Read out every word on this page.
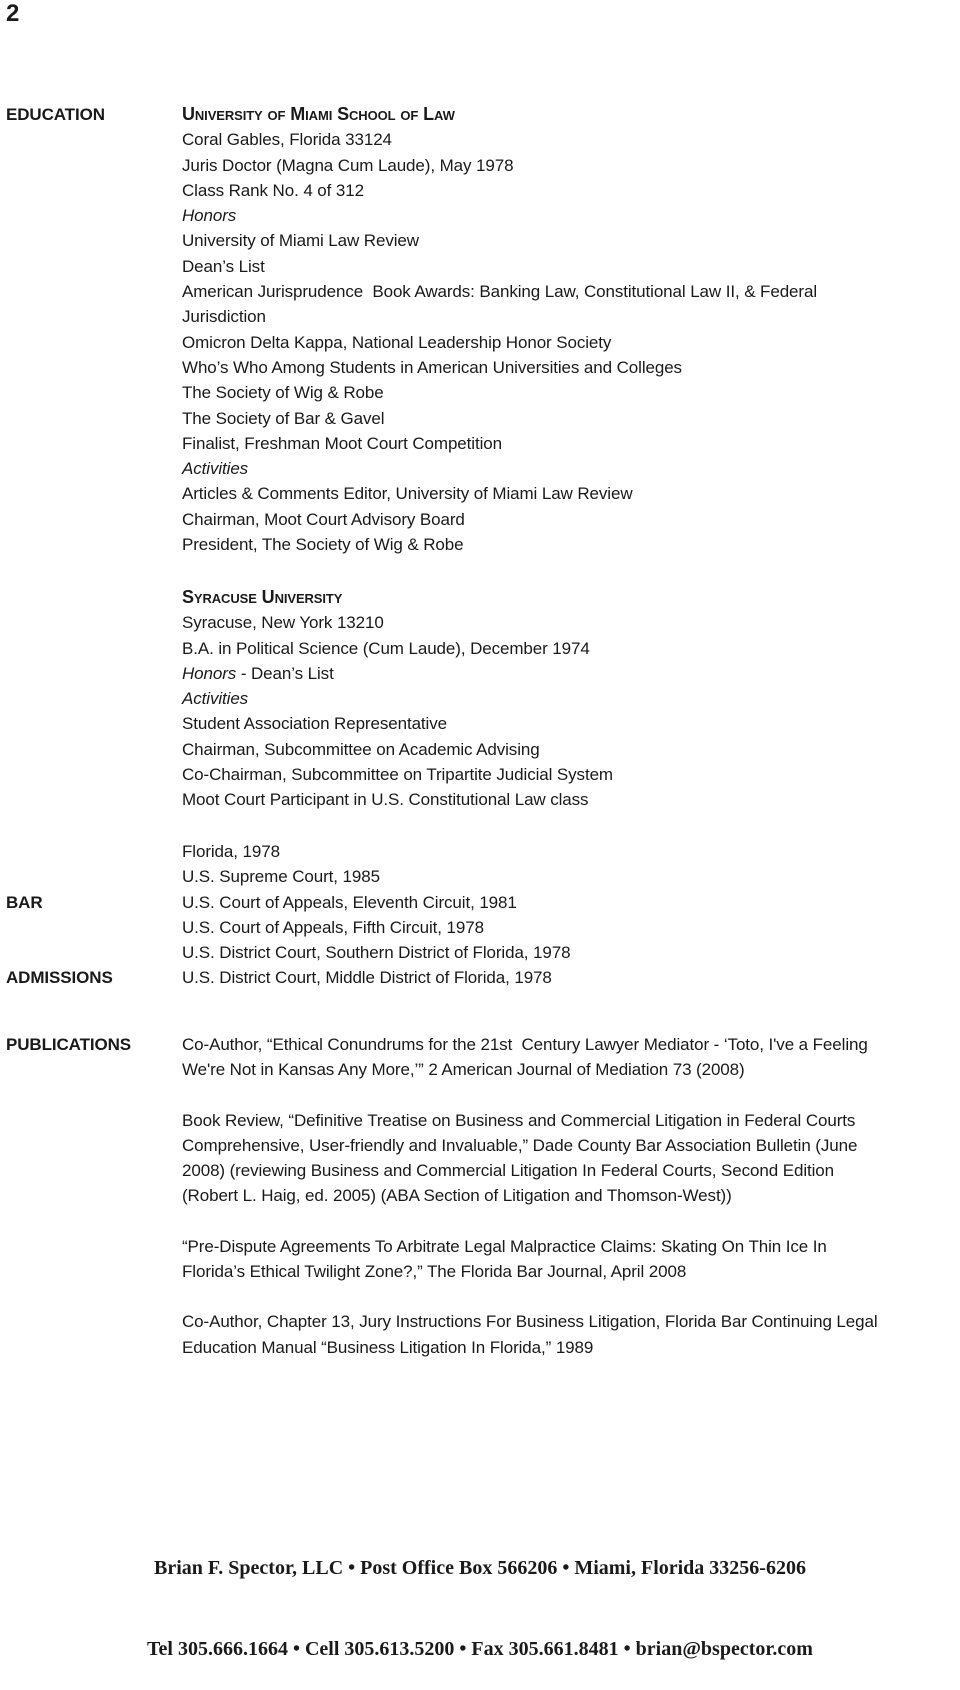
2
EDUCATION	University of Miami School of Law
Coral Gables, Florida 33124
Juris Doctor (Magna Cum Laude), May 1978
Class Rank No. 4 of 312
Honors
University of Miami Law Review
Dean’s List
American Jurisprudence  Book Awards: Banking Law, Constitutional Law II, & Federal
Jurisdiction
Omicron Delta Kappa, National Leadership Honor Society
Who’s Who Among Students in American Universities and Colleges
The Society of Wig & Robe
The Society of Bar & Gavel
Finalist, Freshman Moot Court Competition
Activities
Articles & Comments Editor, University of Miami Law Review
Chairman, Moot Court Advisory Board
President, The Society of Wig & Robe
Syracuse University
Syracuse, New York 13210
B.A. in Political Science (Cum Laude), December 1974
Honors - Dean’s List
Activities
Student Association Representative
Chairman, Subcommittee on Academic Advising
Co-Chairman, Subcommittee on Tripartite Judicial System
Moot Court Participant in U.S. Constitutional Law class

BAR

ADMISSIONS

Florida, 1978
U.S. Supreme Court, 1985
U.S. Court of Appeals, Eleventh Circuit, 1981
U.S. Court of Appeals, Fifth Circuit, 1978
U.S. District Court, Southern District of Florida, 1978
U.S. District Court, Middle District of Florida, 1978
PUBLICATIONS	Co-Author, “Ethical Conundrums for the 21st  Century Lawyer Mediator - ‘Toto, I've a Feeling
We're Not in Kansas Any More,’” 2 American Journal of Mediation 73 (2008)
Book Review, “Definitive Treatise on Business and Commercial Litigation in Federal Courts
Comprehensive, User-friendly and Invaluable,” Dade County Bar Association Bulletin (June
2008) (reviewing Business and Commercial Litigation In Federal Courts, Second Edition
(Robert L. Haig, ed. 2005) (ABA Section of Litigation and Thomson-West))
“Pre-Dispute Agreements To Arbitrate Legal Malpractice Claims: Skating On Thin Ice In
Florida’s Ethical Twilight Zone?,” The Florida Bar Journal, April 2008
Co-Author, Chapter 13, Jury Instructions For Business Litigation, Florida Bar Continuing Legal
Education Manual “Business Litigation In Florida,” 1989

Brian F. Spector, LLC • Post Office Box 566206 • Miami, Florida 33256-6206

Tel 305.666.1664 • Cell 305.613.5200 • Fax 305.661.8481 • brian@bspector.com
